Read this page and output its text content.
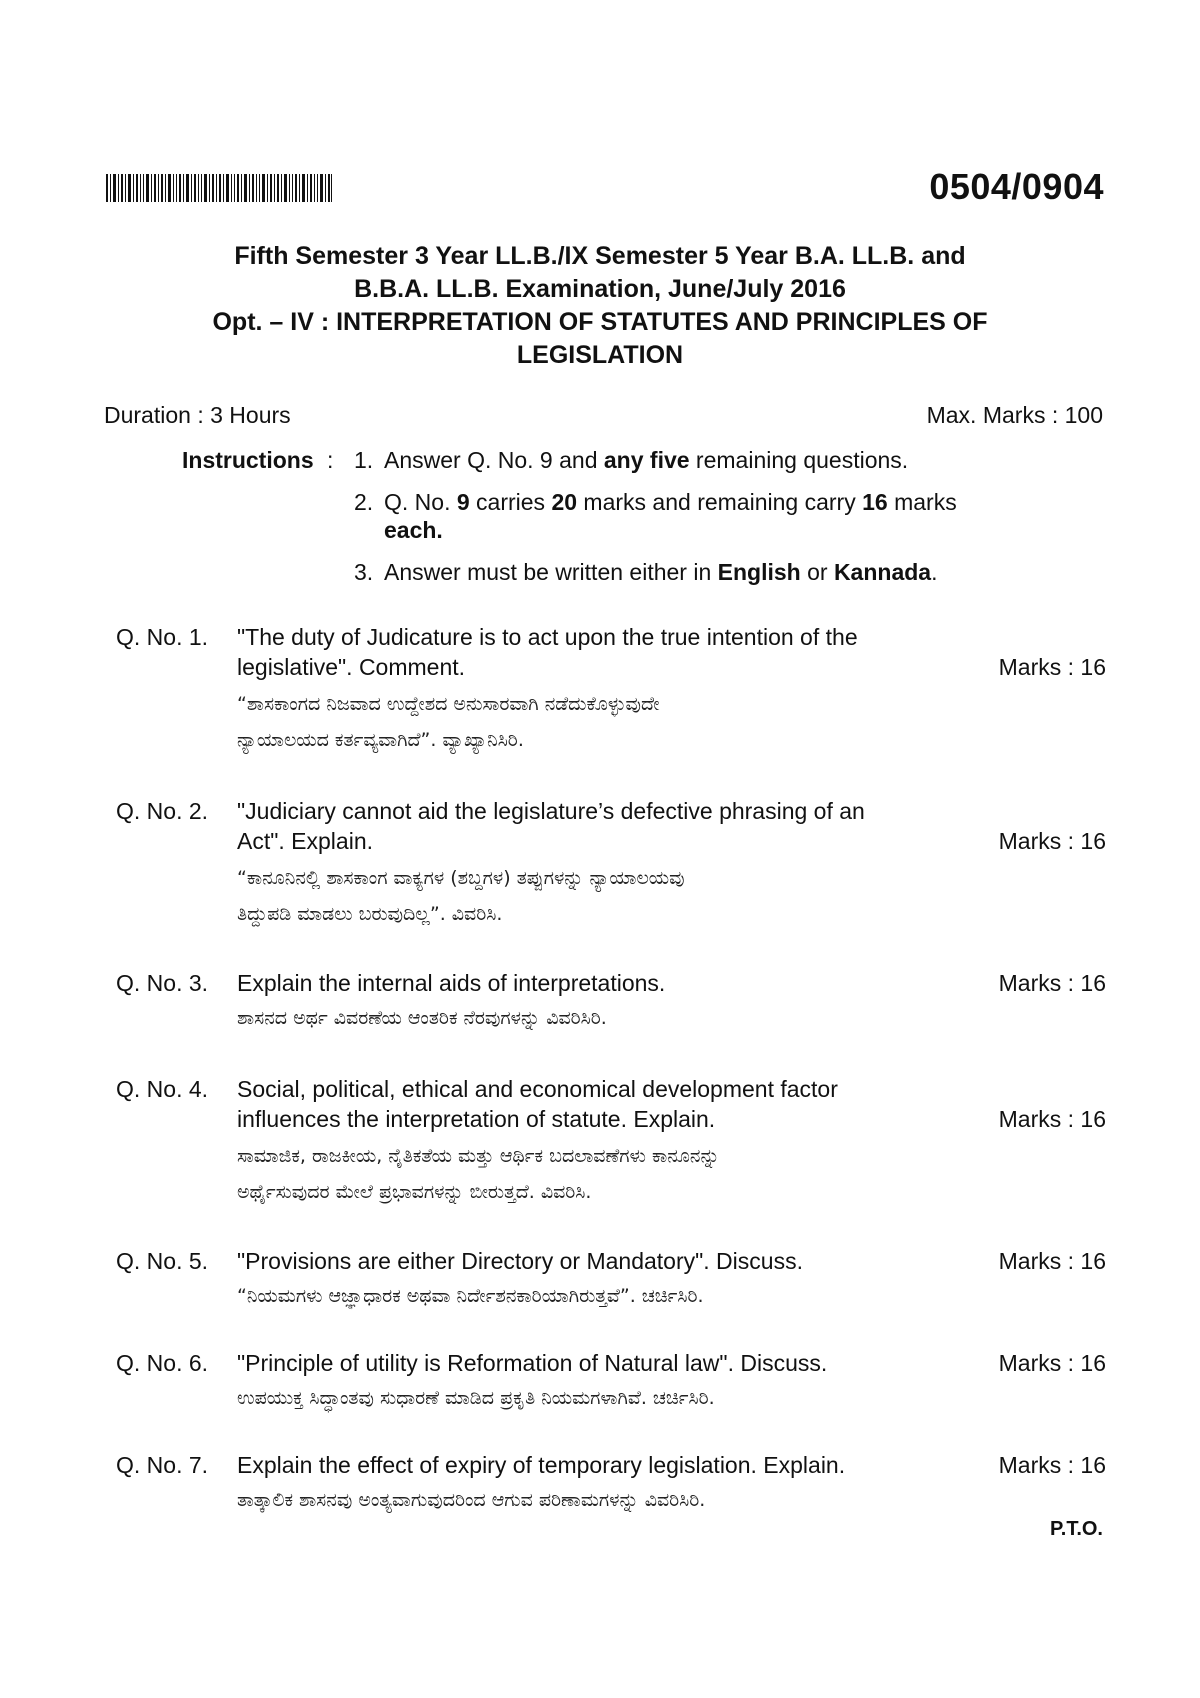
0504/0904
Fifth Semester 3 Year LL.B./IX Semester 5 Year B.A. LL.B. and
B.B.A. LL.B. Examination, June/July 2016
Opt. – IV : INTERPRETATION OF STATUTES AND PRINCIPLES OF
LEGISLATION
Duration : 3 Hours	Max. Marks : 100
Instructions : 1. Answer Q. No. 9 and any five remaining questions.
2. Q. No. 9 carries 20 marks and remaining carry 16 marks
each.
3. Answer must be written either in English or Kannada.
Q. No. 1. "The duty of Judicature is to act upon the true intention of the
legislative". Comment.	Marks : 16
“ಶಾಸಕಾಂಗದ ನಿಜವಾದ ಉದ್ದೇಶದ ಅನುಸಾರವಾಗಿ ನಡೆದುಕೊಳ್ಳುವುದೇ
ನ್ಯಾಯಾಲಯದ ಕರ್ತವ್ಯವಾಗಿದೆ”. ವ್ಯಾಖ್ಯಾನಿಸಿರಿ.
Q. No. 2. "Judiciary cannot aid the legislature’s defective phrasing of an
Act". Explain.	Marks : 16
“ಕಾನೂನಿನಲ್ಲಿ ಶಾಸಕಾಂಗ ವಾಕ್ಯಗಳ (ಶಬ್ದಗಳ) ತಪ್ಪುಗಳನ್ನು ನ್ಯಾಯಾಲಯವು
ತಿದ್ದುಪಡಿ ಮಾಡಲು ಬರುವುದಿಲ್ಲ”. ವಿವರಿಸಿ.
Q. No. 3. Explain the internal aids of interpretations.	Marks : 16
ಶಾಸನದ ಅರ್ಥ ವಿವರಣೆಯ ಆಂತರಿಕ ನೆರವುಗಳನ್ನು ವಿವರಿಸಿರಿ.
Q. No. 4. Social, political, ethical and economical development factor
influences the interpretation of statute. Explain.	Marks : 16
ಸಾಮಾಜಿಕ, ರಾಜಕೀಯ, ನೈತಿಕತೆಯ ಮತ್ತು ಆರ್ಥಿಕ ಬದಲಾವಣೆಗಳು ಕಾನೂನನ್ನು
ಅರ್ಥೈಸುವುದರ ಮೇಲೆ ಪ್ರಭಾವಗಳನ್ನು ಬೀರುತ್ತದೆ. ವಿವರಿಸಿ.
Q. No. 5. "Provisions are either Directory or Mandatory". Discuss.	Marks : 16
“ನಿಯಮಗಳು ಆಜ್ಞಾಧಾರಕ ಅಥವಾ ನಿರ್ದೇಶನಕಾರಿಯಾಗಿರುತ್ತವೆ”. ಚರ್ಚಿಸಿರಿ.
Q. No. 6. "Principle of utility is Reformation of Natural law". Discuss.	Marks : 16
ಉಪಯುಕ್ತ ಸಿದ್ಧಾಂತವು ಸುಧಾರಣೆ ಮಾಡಿದ ಪ್ರಕೃತಿ ನಿಯಮಗಳಾಗಿವೆ. ಚರ್ಚಿಸಿರಿ.
Q. No. 7. Explain the effect of expiry of temporary legislation. Explain.	Marks : 16
ತಾತ್ಕಾಲಿಕ ಶಾಸನವು ಅಂತ್ಯವಾಗುವುದರಿಂದ ಆಗುವ ಪರಿಣಾಮಗಳನ್ನು ವಿವರಿಸಿರಿ.
P.T.O.
